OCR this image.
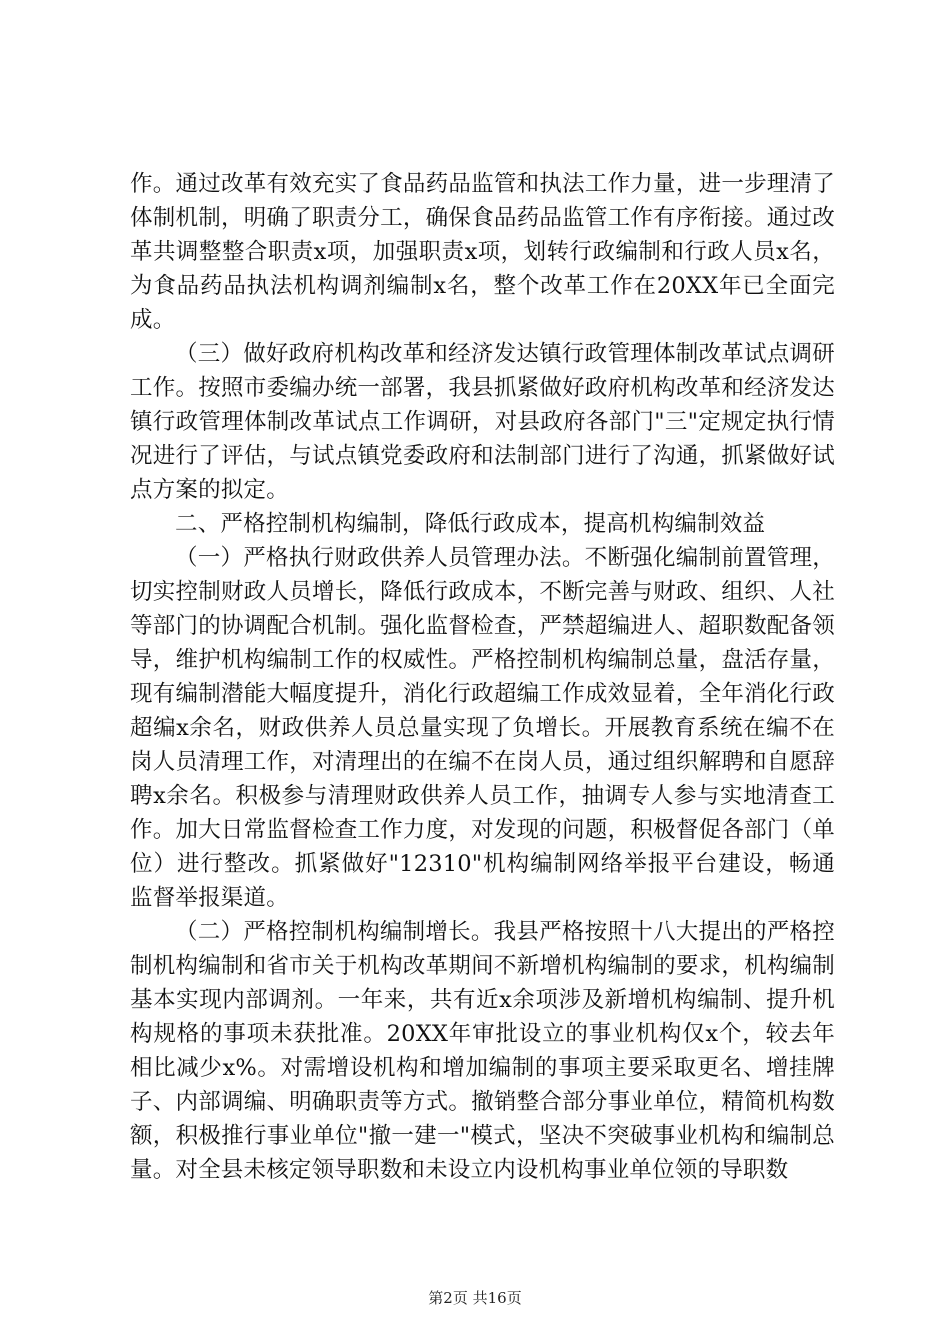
作。通过改革有效充实了食品药品监管和执法工作力量，进一步理清了体制机制，明确了职责分工，确保食品药品监管工作有序衔接。通过改革共调整整合职责x项，加强职责x项，划转行政编制和行政人员x名，为食品药品执法机构调剂编制x名，整个改革工作在20XX年已全面完成。

（三）做好政府机构改革和经济发达镇行政管理体制改革试点调研工作。按照市委编办统一部署，我县抓紧做好政府机构改革和经济发达镇行政管理体制改革试点工作调研，对县政府各部门"三"定规定执行情况进行了评估，与试点镇党委政府和法制部门进行了沟通，抓紧做好试点方案的拟定。

二、严格控制机构编制，降低行政成本，提高机构编制效益

（一）严格执行财政供养人员管理办法。不断强化编制前置管理，切实控制财政人员增长，降低行政成本，不断完善与财政、组织、人社等部门的协调配合机制。强化监督检查，严禁超编进人、超职数配备领导，维护机构编制工作的权威性。严格控制机构编制总量，盘活存量，现有编制潜能大幅度提升，消化行政超编工作成效显着，全年消化行政超编x余名，财政供养人员总量实现了负增长。开展教育系统在编不在岗人员清理工作，对清理出的在编不在岗人员，通过组织解聘和自愿辞聘x余名。积极参与清理财政供养人员工作，抽调专人参与实地清查工作。加大日常监督检查工作力度，对发现的问题，积极督促各部门（单位）进行整改。抓紧做好"12310"机构编制网络举报平台建设，畅通监督举报渠道。

（二）严格控制机构编制增长。我县严格按照十八大提出的严格控制机构编制和省市关于机构改革期间不新增机构编制的要求，机构编制基本实现内部调剂。一年来，共有近x余项涉及新增机构编制、提升机构规格的事项未获批准。20XX年审批设立的事业机构仅x个，较去年相比减少x%。对需增设机构和增加编制的事项主要采取更名、增挂牌子、内部调编、明确职责等方式。撤销整合部分事业单位，精简机构数额，积极推行事业单位"撤一建一"模式，坚决不突破事业机构和编制总量。对全县未核定领导职数和未设立内设机构事业单位领的导职数

第2页 共16页
